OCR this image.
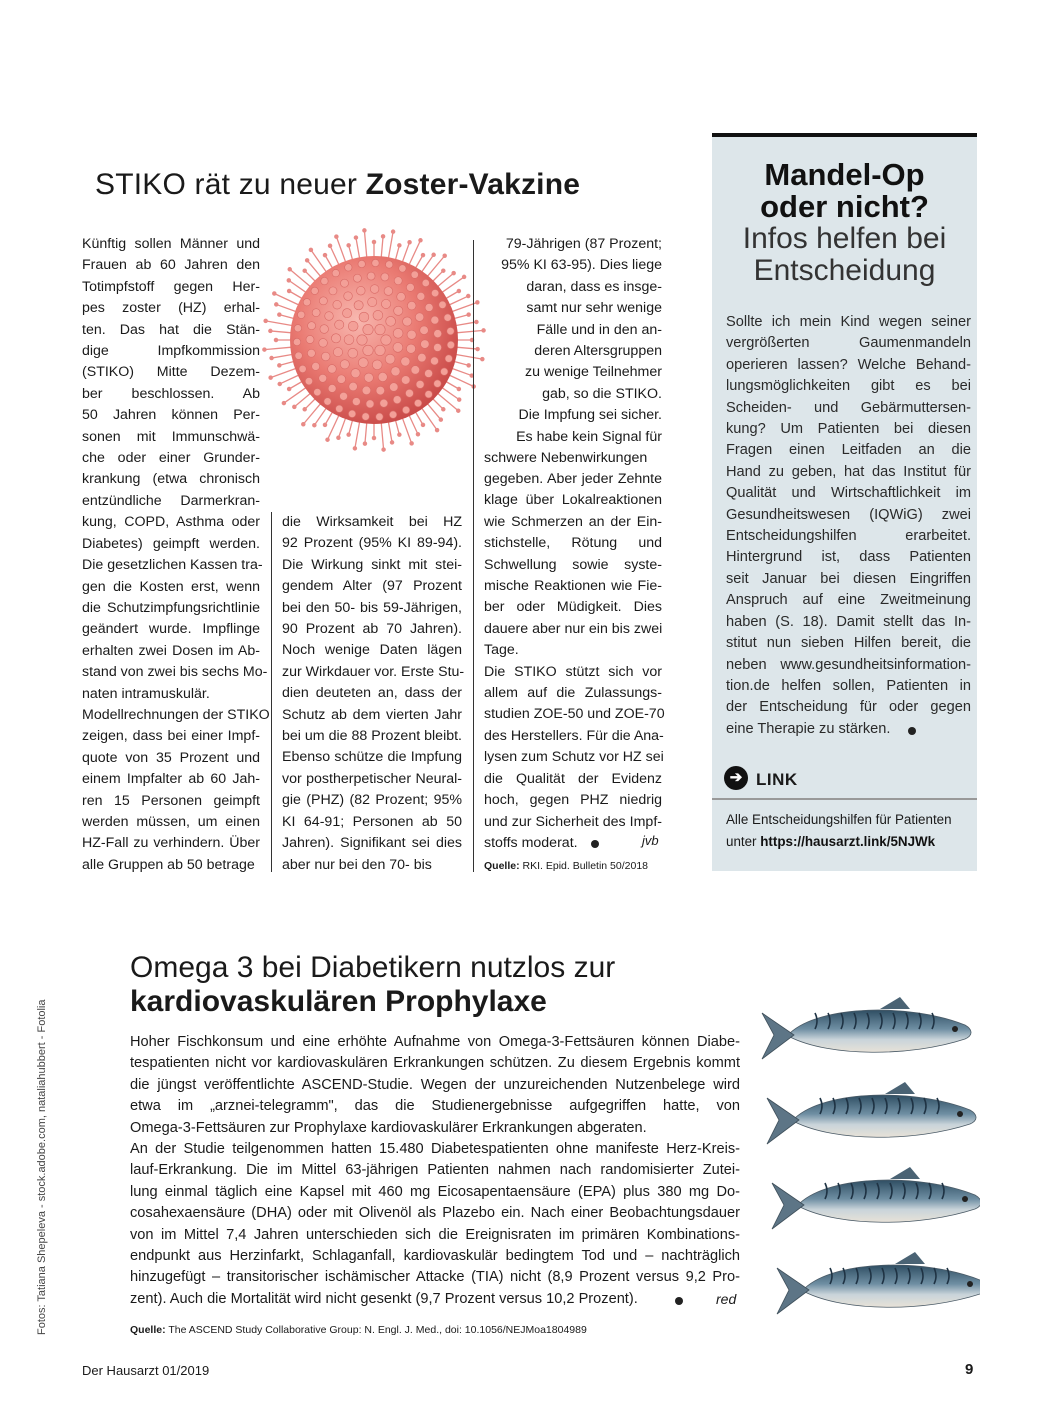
STIKO rät zu neuer Zoster-Vakzine
Künftig sollen Männer und
Frauen ab 60 Jahren den
Totimpfstoff gegen Her-
pes zoster (HZ) erhal-
ten. Das hat die Stän-
dige Impfkommission
(STIKO) Mitte Dezem-
ber beschlossen. Ab
50 Jahren können Per-
sonen mit Immunschwä-
che oder einer Grunder-
krankung (etwa chronisch
entzündliche Darmerkran-
kung, COPD, Asthma oder
Diabetes) geimpft werden.
Die gesetzlichen Kassen tra-
gen die Kosten erst, wenn
die Schutzimpfungsrichtlinie
geändert wurde. Impflinge
erhalten zwei Dosen im Ab-
stand von zwei bis sechs Mo-
naten intramuskulär.
Modellrechnungen der STIKO
zeigen, dass bei einer Impf-
quote von 35 Prozent und
einem Impfalter ab 60 Jah-
ren 15 Personen geimpft
werden müssen, um einen
HZ-Fall zu verhindern. Über
alle Gruppen ab 50 betrage
die Wirksamkeit bei HZ
92 Prozent (95% KI 89-94).
Die Wirkung sinkt mit stei-
gendem Alter (97 Prozent
bei den 50- bis 59-Jährigen,
90 Prozent ab 70 Jahren).
Noch wenige Daten lägen
zur Wirkdauer vor. Erste Stu-
dien deuteten an, dass der
Schutz ab dem vierten Jahr
bei um die 88 Prozent bleibt.
Ebenso schütze die Impfung
vor postherpetischer Neural-
gie (PHZ) (82 Prozent; 95%
KI 64-91; Personen ab 50
Jahren). Signifikant sei dies
aber nur bei den 70- bis
79-Jährigen (87 Prozent;
95% KI 63-95). Dies liege
daran, dass es insge-
samt nur sehr wenige
Fälle und in den an-
deren Altersgruppen
zu wenige Teilnehmer
gab, so die STIKO.
Die Impfung sei sicher.
Es habe kein Signal für
schwere Nebenwirkungen
gegeben. Aber jeder Zehnte
klage über Lokalreaktionen
wie Schmerzen an der Ein-
stichstelle, Rötung und
Schwellung sowie syste-
mische Reaktionen wie Fie-
ber oder Müdigkeit. Dies
dauere aber nur ein bis zwei
Tage.
Die STIKO stützt sich vor
allem auf die Zulassungs-
studien ZOE-50 und ZOE-70
des Herstellers. Für die Ana-
lysen zum Schutz vor HZ sei
die Qualität der Evidenz
hoch, gegen PHZ niedrig
und zur Sicherheit des Impf-
stoffs moderat.	jvb
Quelle: RKI. Epid. Bulletin 50/2018
Mandel-Op
oder nicht?
Infos helfen bei
Entscheidung
Sollte ich mein Kind wegen seiner
vergrößerten Gaumenmandeln
operieren lassen? Welche Behand-
lungsmöglichkeiten gibt es bei
Scheiden- und Gebärmuttersen-
kung? Um Patienten bei diesen
Fragen einen Leitfaden an die
Hand zu geben, hat das Institut für
Qualität und Wirtschaftlichkeit im
Gesundheitswesen (IQWiG) zwei
Entscheidungshilfen erarbeitet.
Hintergrund ist, dass Patienten
seit Januar bei diesen Eingriffen
Anspruch auf eine Zweitmeinung
haben (S. 18). Damit stellt das In-
stitut nun sieben Hilfen bereit, die
neben www.gesundheitsinformation-
tion.de helfen sollen, Patienten in
der Entscheidung für oder gegen
eine Therapie zu stärken.
➔ LINK
Alle Entscheidungshilfen für Patienten
unter https://hausarzt.link/5NJWk
Omega 3 bei Diabetikern nutzlos zur
kardiovaskulären Prophylaxe
Hoher Fischkonsum und eine erhöhte Aufnahme von Omega-3-Fettsäuren können Diabe-
tespatienten nicht vor kardiovaskulären Erkrankungen schützen. Zu diesem Ergebnis kommt
die jüngst veröffentlichte ASCEND-Studie. Wegen der unzureichenden Nutzenbelege wird
etwa im „arznei-telegramm", das die Studienergebnisse aufgegriffen hatte, von
Omega-3-Fettsäuren zur Prophylaxe kardiovaskulärer Erkrankungen abgeraten.
An der Studie teilgenommen hatten 15.480 Diabetespatienten ohne manifeste Herz-Kreis-
lauf-Erkrankung. Die im Mittel 63-jährigen Patienten nahmen nach randomisierter Zutei-
lung einmal täglich eine Kapsel mit 460 mg Eicosapentaensäure (EPA) plus 380 mg Do-
cosahexaensäure (DHA) oder mit Olivenöl als Plazebo ein. Nach einer Beobachtungsdauer
von im Mittel 7,4 Jahren unterschieden sich die Ereignisraten im primären Kombinations-
endpunkt aus Herzinfarkt, Schlaganfall, kardiovaskulär bedingtem Tod und – nachträglich
hinzugefügt – transitorischer ischämischer Attacke (TIA) nicht (8,9 Prozent versus 9,2 Pro-
zent). Auch die Mortalität wird nicht gesenkt (9,7 Prozent versus 10,2 Prozent).	red
Quelle: The ASCEND Study Collaborative Group: N. Engl. J. Med., doi: 10.1056/NEJMoa1804989
Fotos: Tatiana Shepeleva - stock.adobe.com, nataliahubbert - Fotolia
Der Hausarzt 01/2019	9
